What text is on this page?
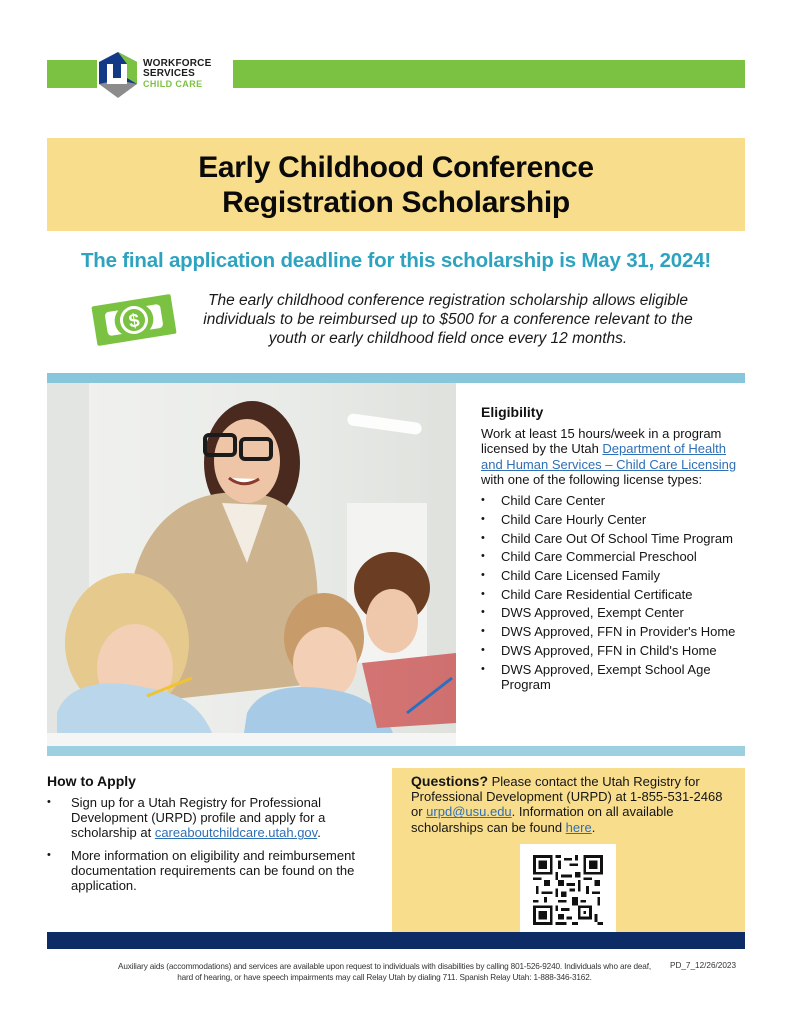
WORKFORCE
SERVICES
CHILD CARE
Early Childhood Conference
Registration Scholarship
The final application deadline for this scholarship is May 31, 2024!
$
The early childhood conference registration scholarship allows eligible individuals to be reimbursed up to $500 for a conference relevant to the youth or early childhood field once every 12 months.
Eligibility

Work at least 15 hours/week in a program licensed by the Utah Department of Health and Human Services – Child Care Licensing with one of the following license types:

• Child Care Center
• Child Care Hourly Center
• Child Care Out Of School Time Program
• Child Care Commercial Preschool
• Child Care Licensed Family
• Child Care Residential Certificate
• DWS Approved, Exempt Center
• DWS Approved, FFN in Provider's Home
• DWS Approved, FFN in Child's Home
• DWS Approved, Exempt School Age Program
How to Apply
• Sign up for a Utah Registry for Professional Development (URPD) profile and apply for a scholarship at careaboutchildcare.utah.gov.
• More information on eligibility and reimbursement documentation requirements can be found on the application.
Questions? Please contact the Utah Registry for Professional Development (URPD) at 1-855-531-2468 or urpd@usu.edu. Information on all available scholarships can be found here.
Auxiliary aids (accommodations) and services are available upon request to individuals with disabilities by calling 801-526-9240. Individuals who are deaf, hard of hearing, or have speech impairments may call Relay Utah by dialing 711. Spanish Relay Utah: 1-888-346-3162.
PD_7_12/26/2023
